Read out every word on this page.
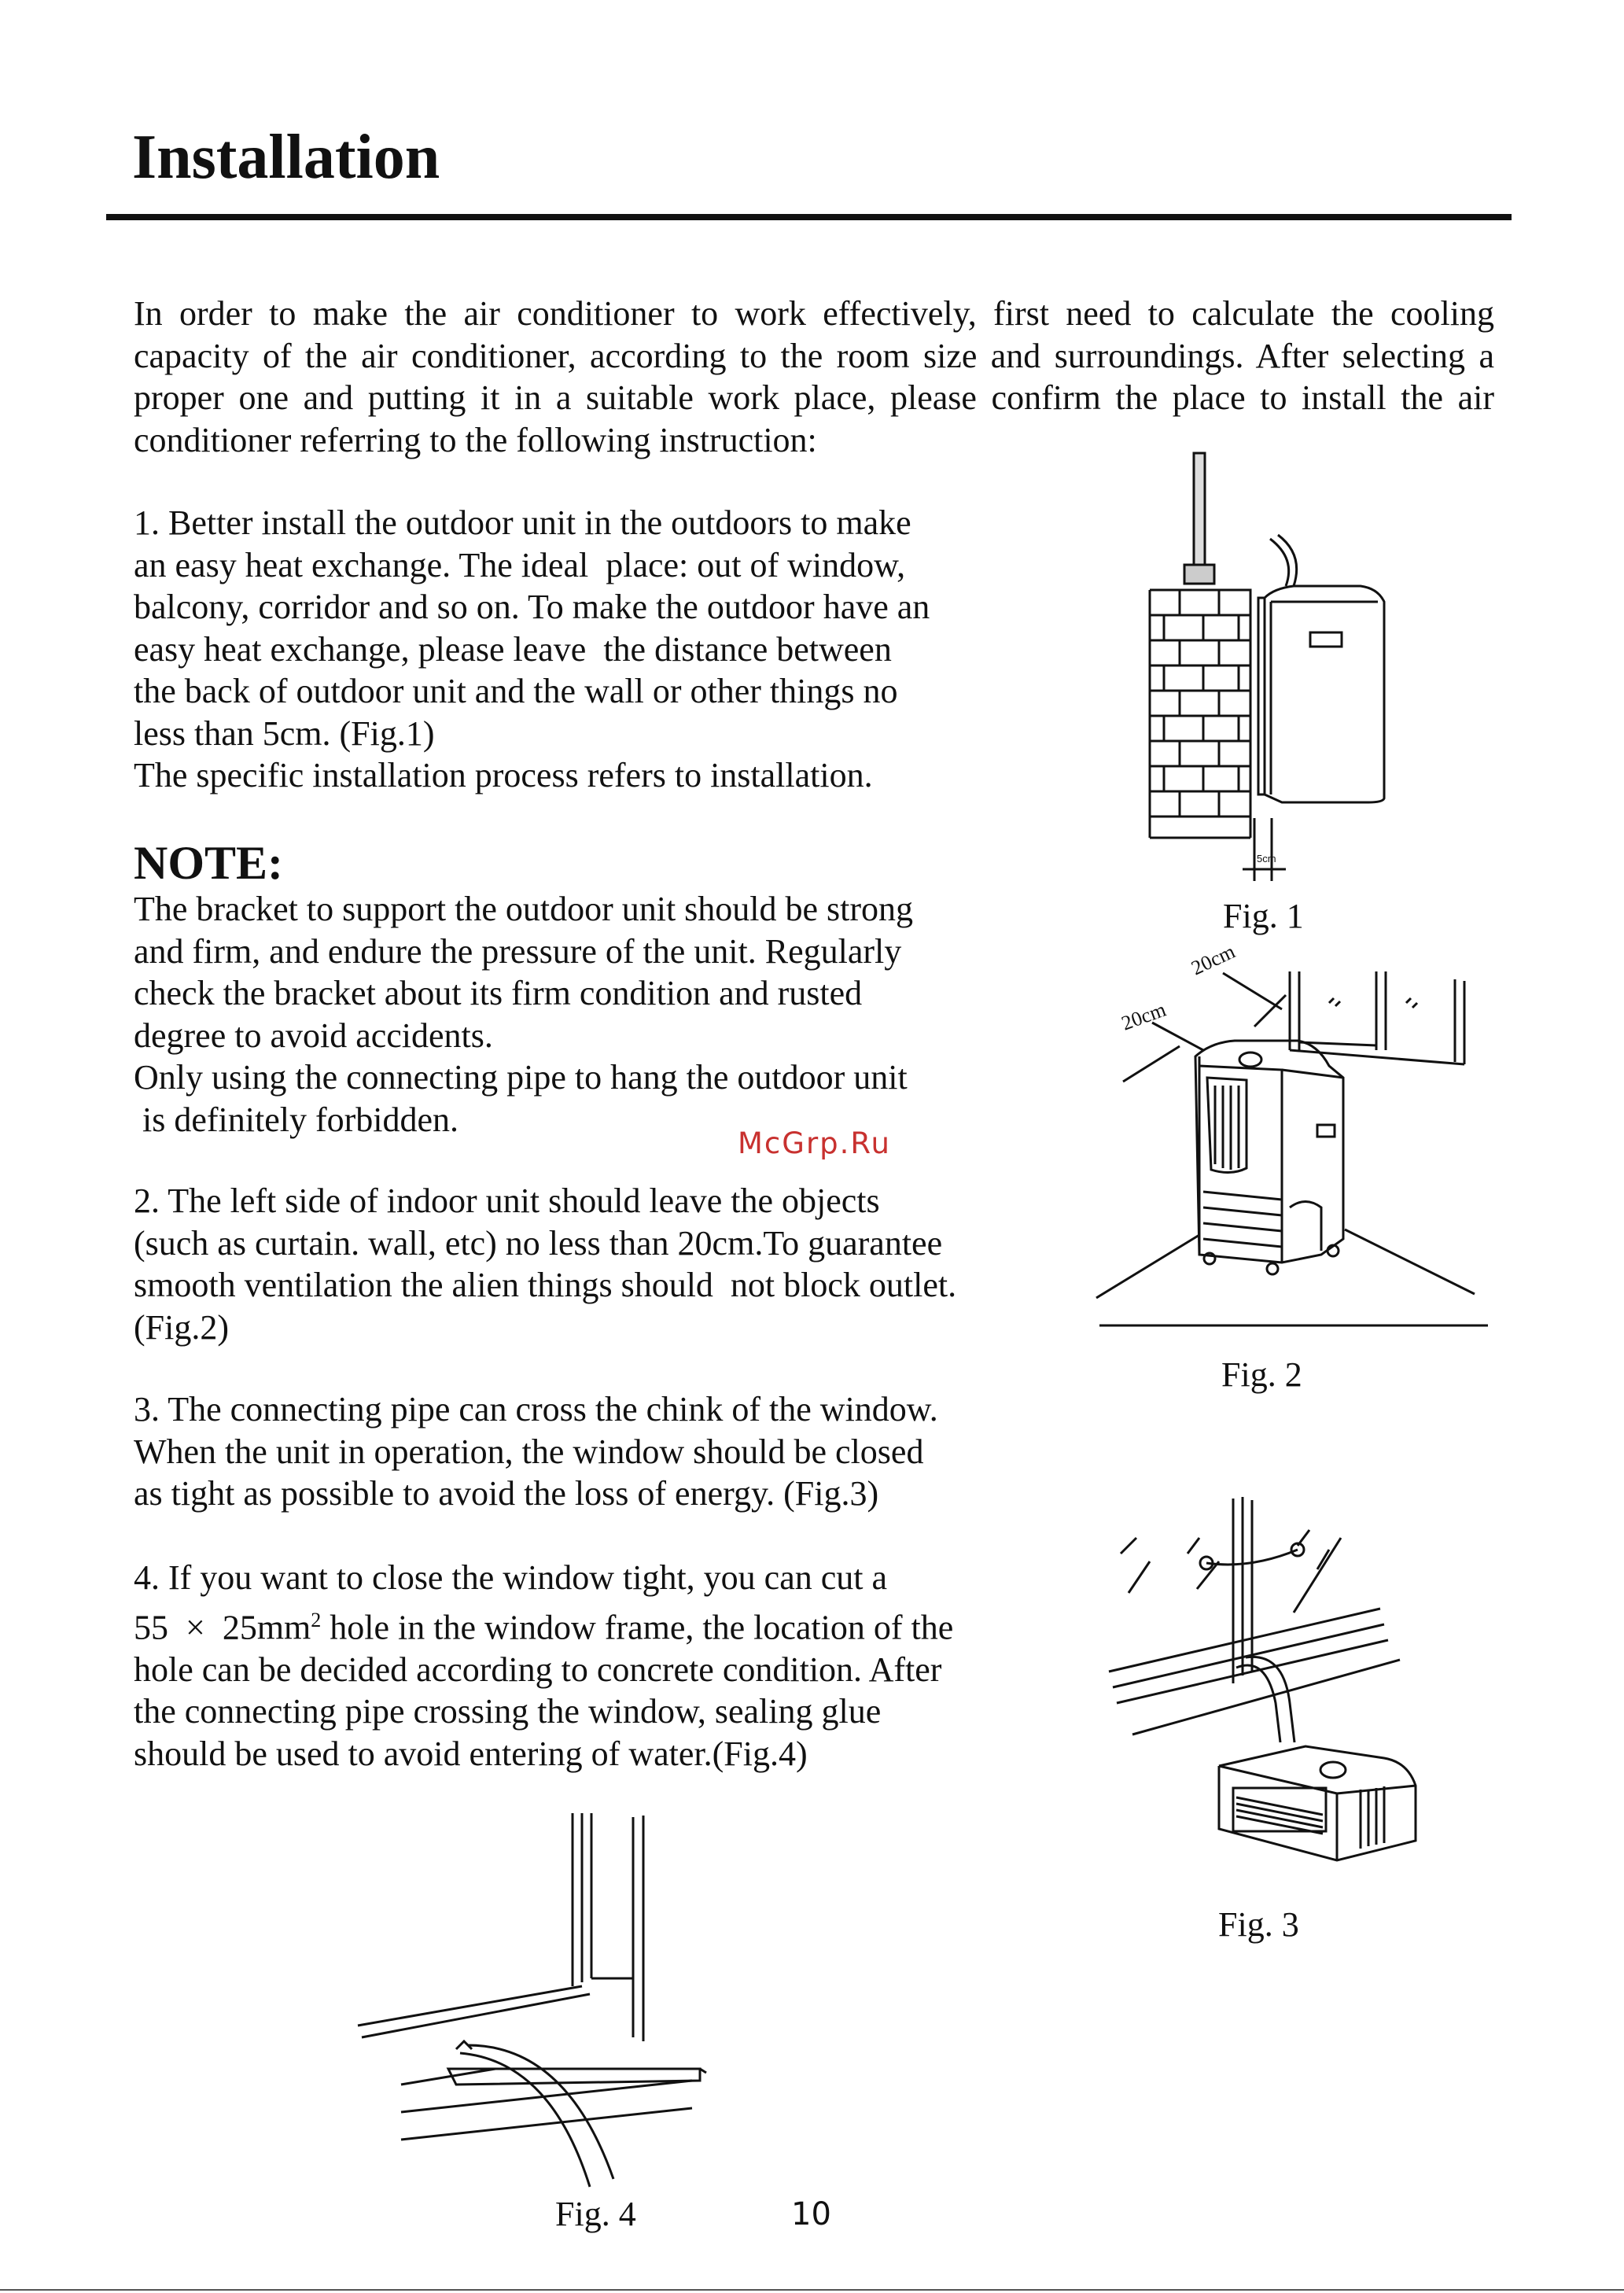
Installation

In order to make the air conditioner to work effectively, first need to calculate the cooling capacity of the air conditioner, according to the room size and surroundings. After selecting a proper one and putting it in a suitable work place, please confirm the place to install the air conditioner referring to the following instruction:

1. Better install the outdoor unit in the outdoors to make
an easy heat exchange. The ideal  place: out of window,
balcony, corridor and so on. To make the outdoor have an
easy heat exchange, please leave  the distance between
the back of outdoor unit and the wall or other things no
less than 5cm. (Fig.1)
The specific installation process refers to installation.
NOTE:
The bracket to support the outdoor unit should be strong
and firm, and endure the pressure of the unit. Regularly
check the bracket about its firm condition and rusted
degree to avoid accidents.
Only using the connecting pipe to hang the outdoor unit
is definitely forbidden.
McGrp.Ru
2. The left side of indoor unit should leave the objects
(such as curtain. wall, etc) no less than 20cm.To guarantee
smooth ventilation the alien things should  not block outlet.
(Fig.2)
3. The connecting pipe can cross the chink of the window.
When the unit in operation, the window should be closed
as tight as possible to avoid the loss of energy. (Fig.3)
4. If you want to close the window tight, you can cut a
$55 \times 25mm^2$ hole in the window frame, the location of the
hole can be decided according to concrete condition. After
the connecting pipe crossing the window, sealing glue
should be used to avoid entering of water.(Fig.4)
5cm
Fig. 1
20cm
20cm
Fig. 2
Fig. 3
Fig. 4	10
